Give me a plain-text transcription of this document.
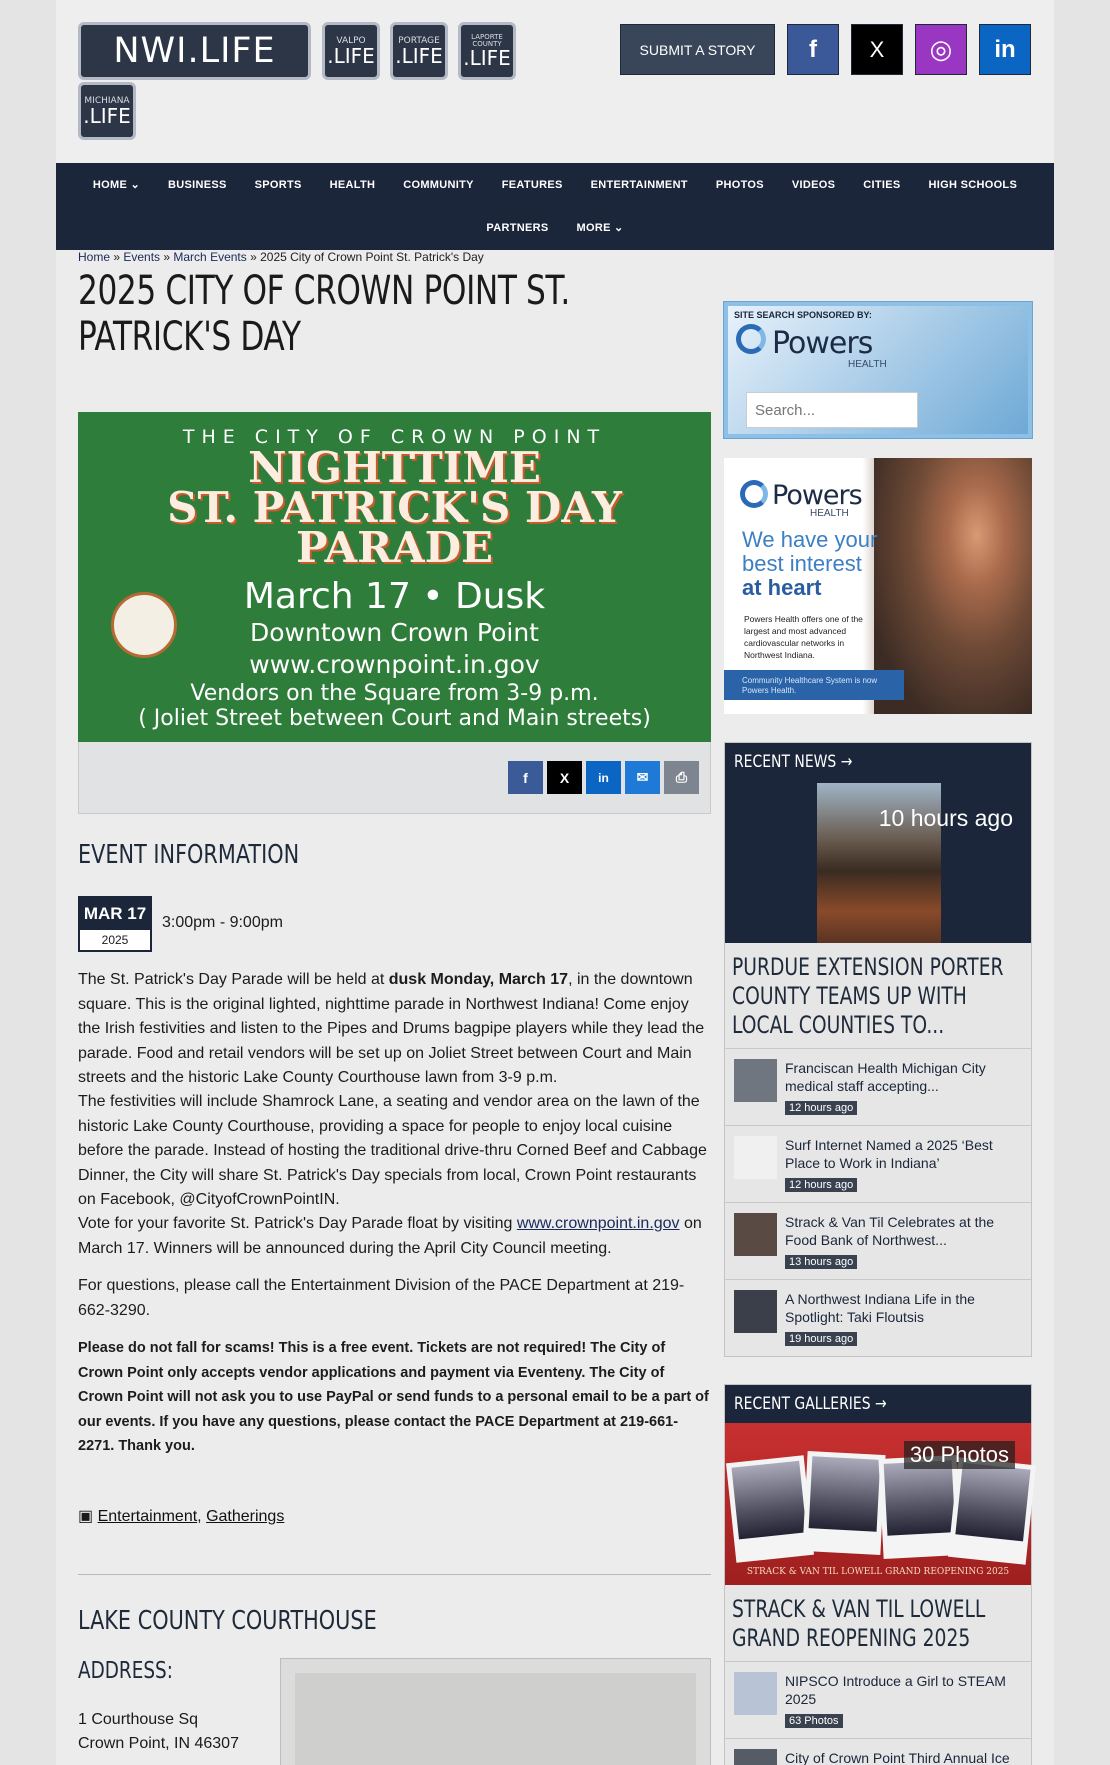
NWI.LIFE	VALPO
.LIFE
PORTAGE
.LIFE
LAPORTE COUNTY
.LIFE
MICHIANA
.LIFE
SUBMIT A STORY	f	X	◎	in
HOME ⌄	BUSINESS	SPORTS	HEALTH	COMMUNITY	FEATURES	ENTERTAINMENT	PHOTOS	VIDEOS	CITIES	HIGH SCHOOLS
PARTNERS	MORE ⌄
Home » Events » March Events » 2025 City of Crown Point St. Patrick's Day
2025 CITY OF CROWN POINT ST. PATRICK'S DAY
THE CITY OF CROWN POINT
NIGHTTIME
ST. PATRICK'S DAY
PARADE
March 17 • Dusk
Downtown Crown Point
www.crownpoint.in.gov
Vendors on the Square from 3-9 p.m.
( Joliet Street between Court and Main streets)
f	X	in	✉	⎙
EVENT INFORMATION
MAR 17
2025
3:00pm - 9:00pm
The St. Patrick's Day Parade will be held at dusk Monday, March 17, in the downtown square. This is the original lighted, nighttime parade in Northwest Indiana! Come enjoy the Irish festivities and listen to the Pipes and Drums bagpipe players while they lead the parade. Food and retail vendors will be set up on Joliet Street between Court and Main streets and the historic Lake County Courthouse lawn from 3-9 p.m.
The festivities will include Shamrock Lane, a seating and vendor area on the lawn of the historic Lake County Courthouse, providing a space for people to enjoy local cuisine before the parade. Instead of hosting the traditional drive-thru Corned Beef and Cabbage Dinner, the City will share St. Patrick's Day specials from local, Crown Point restaurants on Facebook, @CityofCrownPointIN.
Vote for your favorite St. Patrick's Day Parade float by visiting www.crownpoint.in.gov on March 17. Winners will be announced during the April City Council meeting.
For questions, please call the Entertainment Division of the PACE Department at 219-662-3290.
Please do not fall for scams! This is a free event. Tickets are not required! The City of Crown Point only accepts vendor applications and payment via Eventeny. The City of Crown Point will not ask you to use PayPal or send funds to a personal email to be a part of our events. If you have any questions, please contact the PACE Department at 219-661-2271. Thank you.
▣ Entertainment, Gatherings
LAKE COUNTY COURTHOUSE
ADDRESS:
1 Courthouse Sq
Crown Point, IN 46307
SITE SEARCH SPONSORED BY:
Powers
HEALTH
Search...
Powers
HEALTH
We have your
best interest
at heart
Powers Health offers one of the largest and most advanced cardiovascular networks in Northwest Indiana.
Community Healthcare System is now Powers Health.
RECENT NEWS →
10 hours ago
PURDUE EXTENSION PORTER COUNTY TEAMS UP WITH LOCAL COUNTIES TO...
Franciscan Health Michigan City medical staff accepting...
12 hours ago
Surf Internet Named a 2025 ‘Best Place to Work in Indiana’
12 hours ago
Strack & Van Til Celebrates at the Food Bank of Northwest...
13 hours ago
A Northwest Indiana Life in the Spotlight: Taki Floutsis
19 hours ago
RECENT GALLERIES →
30 Photos
STRACK & VAN TIL LOWELL GRAND REOPENING 2025
STRACK & VAN TIL LOWELL GRAND REOPENING 2025
NIPSCO Introduce a Girl to STEAM 2025
63 Photos
City of Crown Point Third Annual Ice
